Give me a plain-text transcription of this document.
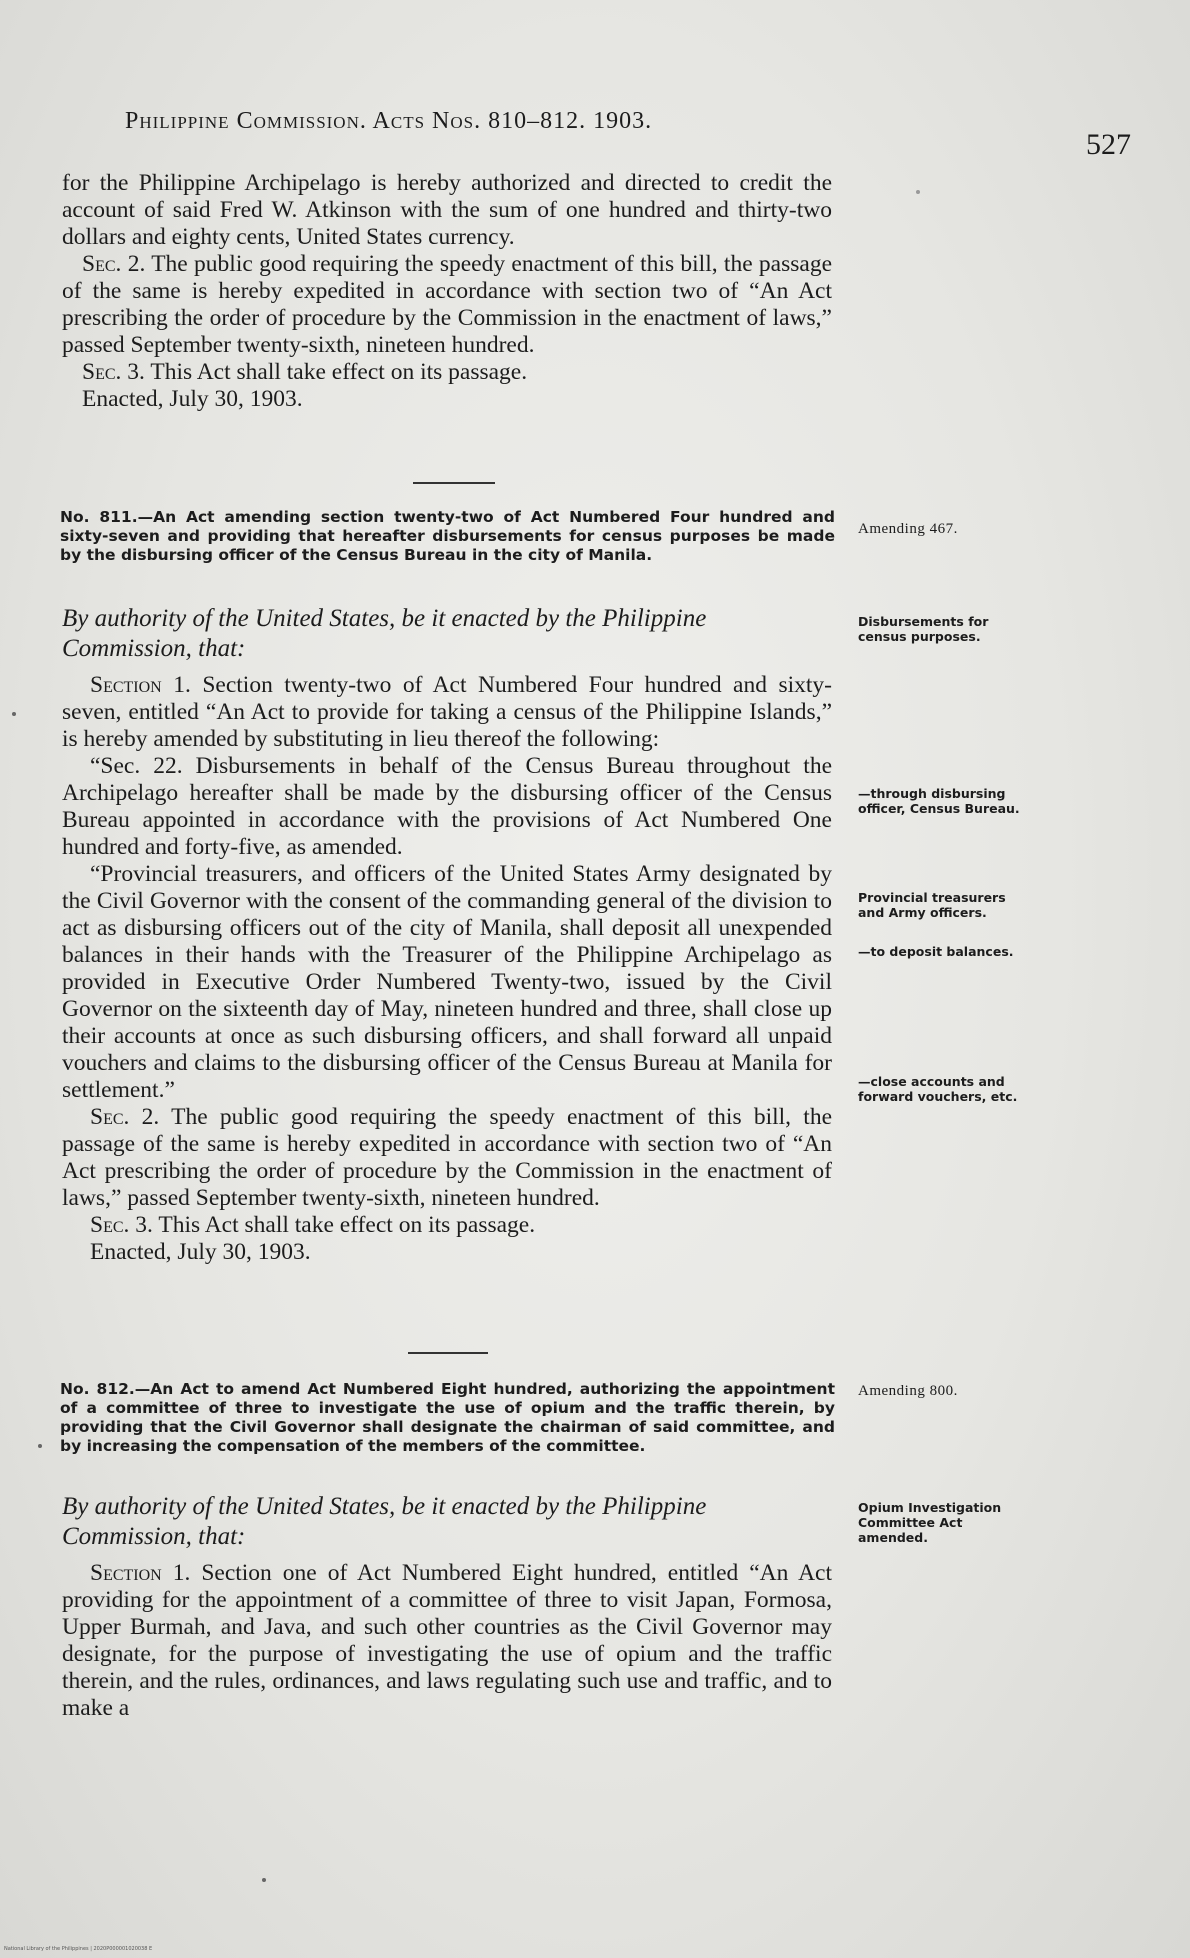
Philippine Commission. Acts Nos. 810–812. 1903.
527

for the Philippine Archipelago is hereby authorized and directed to credit the account of said Fred W. Atkinson with the sum of one hundred and thirty-two dollars and eighty cents, United States currency.

Sec. 2. The public good requiring the speedy enactment of this bill, the passage of the same is hereby expedited in accordance with section two of “An Act prescribing the order of procedure by the Commission in the enactment of laws,” passed September twenty-sixth, nineteen hundred.

Sec. 3. This Act shall take effect on its passage.

Enacted, July 30, 1903.

No. 811.—An Act amending section twenty-two of Act Numbered Four hundred and sixty-seven and providing that hereafter disbursements for census purposes be made by the disbursing officer of the Census Bureau in the city of Manila.
Amending 467.
By authority of the United States, be it enacted by the Philippine Commission, that:
Disbursements for census purposes.

Section 1. Section twenty-two of Act Numbered Four hundred and sixty-seven, entitled “An Act to provide for taking a census of the Philippine Islands,” is hereby amended by substituting in lieu thereof the following:

“Sec. 22. Disbursements in behalf of the Census Bureau throughout the Archipelago hereafter shall be made by the disbursing officer of the Census Bureau appointed in accordance with the provisions of Act Numbered One hundred and forty-five, as amended.

“Provincial treasurers, and officers of the United States Army designated by the Civil Governor with the consent of the commanding general of the division to act as disbursing officers out of the city of Manila, shall deposit all unexpended balances in their hands with the Treasurer of the Philippine Archipelago as provided in Executive Order Numbered Twenty-two, issued by the Civil Governor on the sixteenth day of May, nineteen hundred and three, shall close up their accounts at once as such disbursing officers, and shall forward all unpaid vouchers and claims to the disbursing officer of the Census Bureau at Manila for settlement.”

Sec. 2. The public good requiring the speedy enactment of this bill, the passage of the same is hereby expedited in accordance with section two of “An Act prescribing the order of procedure by the Commission in the enactment of laws,” passed September twenty-sixth, nineteen hundred.

Sec. 3. This Act shall take effect on its passage.

Enacted, July 30, 1903.

—through disbursing officer, Census Bureau.
Provincial treasurers and Army officers.
—to deposit balances.
—close accounts and forward vouchers, etc.
No. 812.—An Act to amend Act Numbered Eight hundred, authorizing the appointment of a committee of three to investigate the use of opium and the traffic therein, by providing that the Civil Governor shall designate the chairman of said committee, and by increasing the compensation of the members of the committee.
Amending 800.
By authority of the United States, be it enacted by the Philippine Commission, that:
Opium Investigation Committee Act amended.

Section 1. Section one of Act Numbered Eight hundred, entitled “An Act providing for the appointment of a committee of three to visit Japan, Formosa, Upper Burmah, and Java, and such other countries as the Civil Governor may designate, for the purpose of investigating the use of opium and the traffic therein, and the rules, ordinances, and laws regulating such use and traffic, and to make a

National Library of the Philippines | 2020P000001020038 E
